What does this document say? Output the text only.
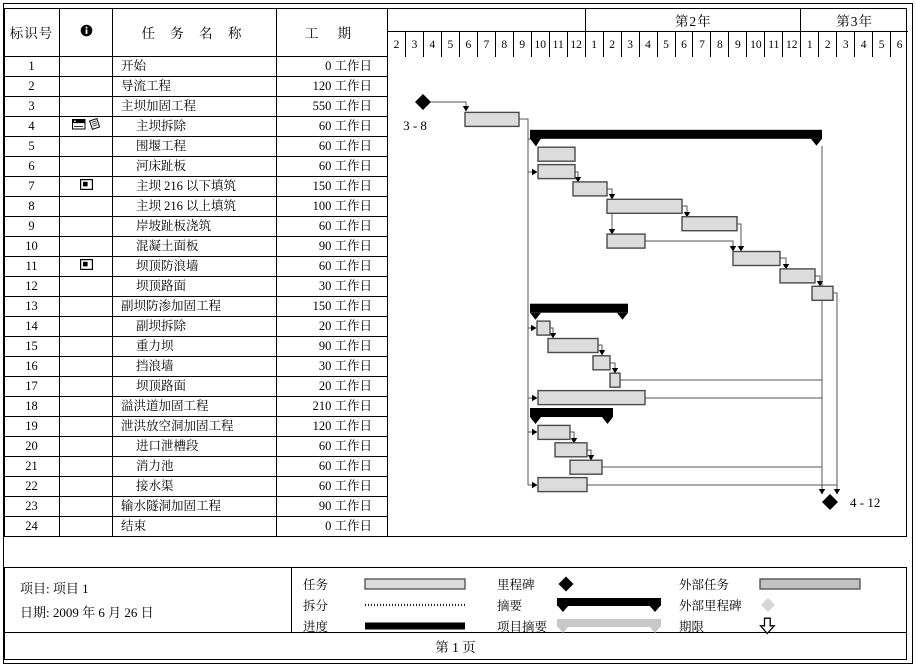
标识号	任 务 名 称	工 期
1	开始	0 工作日
2	导流工程	120 工作日
3	主坝加固工程	550 工作日
4	主坝拆除	60 工作日
5	围堰工程	60 工作日
6	河床趾板	60 工作日
7	主坝 216 以下填筑	150 工作日
8	主坝 216 以上填筑	100 工作日
9	岸坡趾板浇筑	60 工作日
10	混凝土面板	90 工作日
11	坝顶防浪墙	60 工作日
12	坝顶路面	30 工作日
13	副坝防渗加固工程	150 工作日
14	副坝拆除	20 工作日
15	重力坝	90 工作日
16	挡浪墙	30 工作日
17	坝顶路面	20 工作日
18	溢洪道加固工程	210 工作日
19	泄洪放空洞加固工程	120 工作日
20	进口泄槽段	60 工作日
21	消力池	60 工作日
22	接水渠	60 工作日
23	输水隧洞加固工程	90 工作日
24	结束	0 工作日
第2年	第3年
2	3	4	5	6	7	8	9 10 11 12 1	2	3	4	5	6	7	8	9 10 11 12 1	2	3	4	5	6
3 - 8
4 - 12
项目: 项目 1
日期: 2009 年 6 月 26 日
任务
拆分
进度
里程碑
摘要
项目摘要
外部任务
外部里程碑
期限
第 1 页
